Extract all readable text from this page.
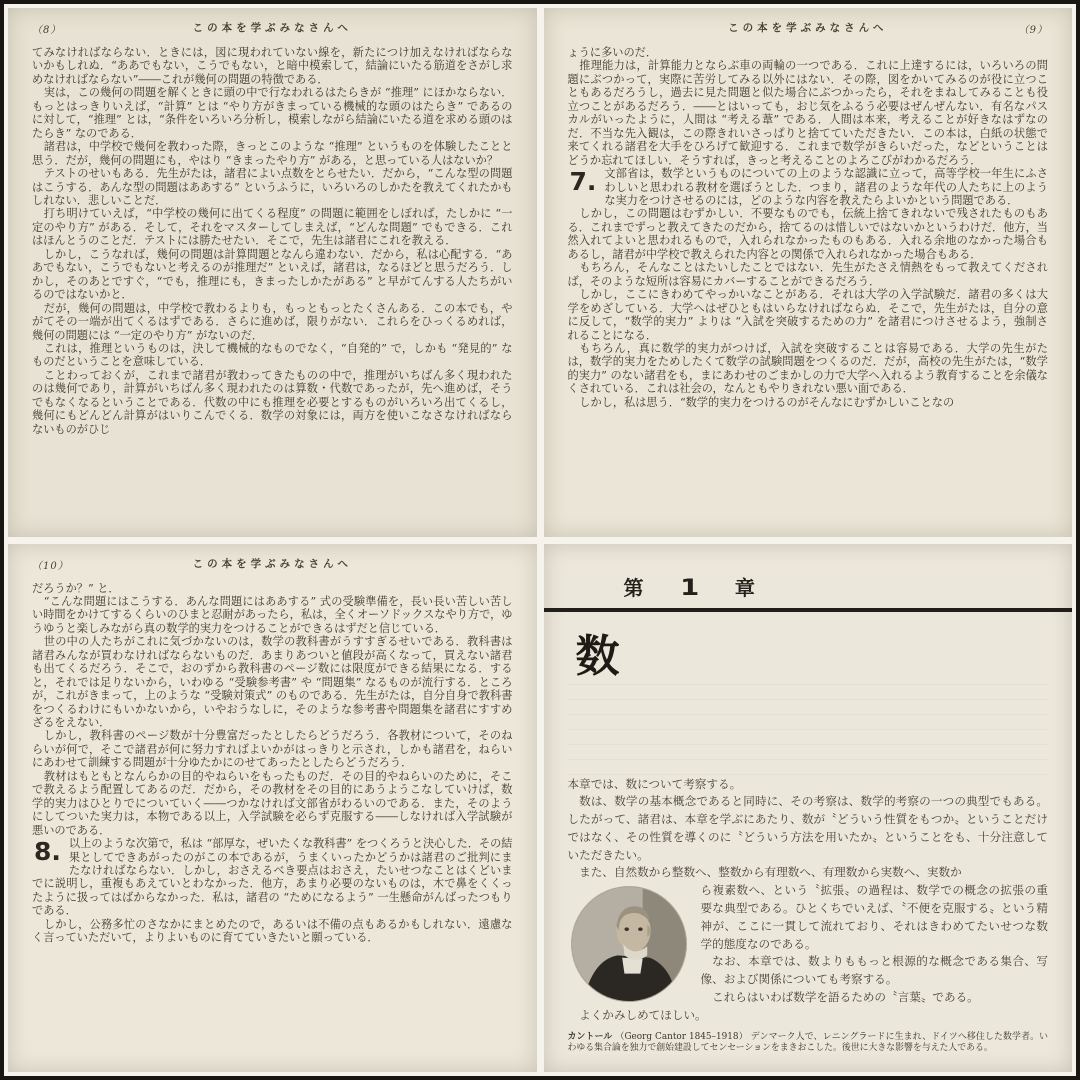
（8）	この本を学ぶみなさんへ

てみなければならない．ときには，図に現われていない線を，新たにつけ加えなければならないかもしれぬ．“ああでもない，こうでもない，と暗中模索して，結論にいたる筋道をさがし求めなければならない”――これが幾何の問題の特徴である．

実は，この幾何の問題を解くときに頭の中で行なわれるはたらきが “推理” にほかならない．もっとはっきりいえば，“計算” とは “やり方がきまっている機械的な頭のはたらき” であるのに対して，“推理” とは，“条件をいろいろ分析し，模索しながら結論にいたる道を求める頭のはたらき” なのである．

諸君は，中学校で幾何を教わった際，きっとこのような “推理” というものを体験したことと思う．だが，幾何の問題にも，やはり “きまったやり方” がある，と思っている人はないか？

テストのせいもある．先生がたは，諸君によい点数をとらせたい．だから，“こんな型の問題はこうする．あんな型の問題はああする” というふうに，いろいろのしかたを教えてくれたかもしれない．悲しいことだ．

打ち明けていえば，“中学校の幾何に出てくる程度” の問題に範囲をしぼれば，たしかに “一定のやり方” がある．そして，それをマスターしてしまえば，“どんな問題” でもできる．これはほんとうのことだ．テストには勝たせたい．そこで，先生は諸君にこれを教える．

しかし，こうなれば，幾何の問題は計算問題となんら違わない．だから，私は心配する．“ああでもない，こうでもないと考えるのが推理だ” といえば，諸君は，なるほどと思うだろう．しかし，そのあとですぐ，“でも，推理にも，きまったしかたがある” と早がてんする人たちがいるのではないかと．

だが，幾何の問題は，中学校で教わるよりも，もっともっとたくさんある．この本でも，やがてその一端が出てくるはずである．さらに進めば，限りがない．これらをひっくるめれば，幾何の問題には “一定のやり方” がないのだ．

これは，推理というものは，決して機械的なものでなく，“自発的” で，しかも “発見的” なものだということを意味している．

ことわっておくが，これまで諸君が教わってきたものの中で，推理がいちばん多く現われたのは幾何であり，計算がいちばん多く現われたのは算数・代数であったが，先へ進めば，そうでもなくなるということである．代数の中にも推理を必要とするものがいろいろ出てくるし，幾何にもどんどん計算がはいりこんでくる．数学の対象には，両方を使いこなさなければならないものがひじ

この本を学ぶみなさんへ	（9）

ょうに多いのだ．

推理能力は，計算能力とならぶ車の両輪の一つである．これに上達するには，いろいろの問題にぶつかって，実際に苦労してみる以外にはない．その際，図をかいてみるのが役に立つこともあるだろうし，過去に見た問題と似た場合にぶつかったら，それをまねしてみることも役立つことがあるだろう．――とはいっても，おじ気をふるう必要はぜんぜんない．有名なパスカルがいったように，人間は “考える葦” である．人間は本来，考えることが好きなはずなのだ．不当な先入観は，この際きれいさっぱりと捨てていただきたい．この本は，白紙の状態で来てくれる諸君を大手をひろげて歓迎する．これまで数学がきらいだった，などということはどうか忘れてほしい．そうすれば，きっと考えることのよろこびがわかるだろう．

7. 文部省は，数学というものについての上のような認識に立って，高等学校一年生にふさわしいと思われる教材を選ぼうとした．つまり，諸君のような年代の人たちに上のような実力をつけさせるのには，どのような内容を教えたらよいかという問題である．

しかし，この問題はむずかしい．不要なものでも，伝統上捨てきれないで残されたものもある．これまでずっと教えてきたのだから，捨てるのは惜しいではないかというわけだ．他方，当然入れてよいと思われるもので，入れられなかったものもある．入れる余地のなかった場合もあるし，諸君が中学校で教えられた内容との関係で入れられなかった場合もある．

もちろん，そんなことはたいしたことではない．先生がたさえ情熱をもって教えてくだされば，そのような短所は容易にカバーすることができるだろう．

しかし，ここにきわめてやっかいなことがある．それは大学の入学試験だ．諸君の多くは大学をめざしている．大学へはぜひともはいらなければならぬ．そこで，先生がたは，自分の意に反して，“数学的実力” よりは “入試を突破するための力” を諸君につけさせるよう，強制されることになる．

もちろん，真に数学的実力がつけば，入試を突破することは容易である．大学の先生がたは，数学的実力をためしたくて数学の試験問題をつくるのだ．だが，高校の先生がたは，“数学的実力” のない諸君をも，まにあわせのごまかしの力で大学へ入れるよう教育することを余儀なくされている．これは社会の，なんともやりきれない悪い面である．

しかし，私は思う．“数学的実力をつけるのがそんなにむずかしいことなの

（10）	この本を学ぶみなさんへ

だろうか？” と．

“こんな問題にはこうする．あんな問題にはああする” 式の受験準備を，長い長い苦しい苦しい時間をかけてするくらいのひまと忍耐があったら，私は，全くオーソドックスなやり方で，ゆうゆうと楽しみながら真の数学的実力をつけることができるはずだと信じている．

世の中の人たちがこれに気づかないのは，数学の教科書がうすすぎるせいである．教科書は諸君みんなが買わなければならないものだ．あまりあついと値段が高くなって，買えない諸君も出てくるだろう．そこで，おのずから教科書のページ数には限度ができる結果になる．すると，それでは足りないから，いわゆる “受験参考書” や “問題集” なるものが流行する．ところが，これがきまって，上のような “受験対策式” のものである．先生がたは，自分自身で教科書をつくるわけにもいかないから，いやおうなしに，そのような参考書や問題集を諸君にすすめざるをえない．

しかし，教科書のページ数が十分豊富だったとしたらどうだろう．各教材について，そのねらいが何で，そこで諸君が何に努力すればよいかがはっきりと示され，しかも諸君を，ねらいにあわせて訓練する問題が十分ゆたかにのせてあったとしたらどうだろう．

教材はもともとなんらかの目的やねらいをもったものだ．その目的やねらいのために，そこで教えるよう配置してあるのだ．だから，その教材をその目的にあうようこなしていけば，数学的実力はひとりでについていく――つかなければ文部省がわるいのである．また，そのようにしてついた実力は，本物である以上，入学試験を必らず克服する――しなければ入学試験が悪いのである．

8. 以上のような次第で，私は “部厚な，ぜいたくな教科書” をつくろうと決心した．その結果としてできあがったのがこの本であるが，うまくいったかどうかは諸君のご批判にまたなければならない．しかし，おさえるべき要点はおさえ，たいせつなことはくどいまでに説明し，重複もあえていとわなかった．他方，あまり必要のないものは，木で鼻をくくったように扱ってはばからなかった．私は，諸君の “ためになるよう” 一生懸命がんばったつもりである．

しかし，公務多忙のさなかにまとめたので，あるいは不備の点もあるかもしれない．遠慮なく言っていただいて，よりよいものに育てていきたいと願っている．

第 1 章
数

本章では、数について考察する。

数は、数学の基本概念であると同時に、その考察は、数学的考察の一つの典型でもある。したがって、諸君は、本章を学ぶにあたり、数が〝どういう性質をもつか〟ということだけではなく、その性質を導くのに〝どういう方法を用いたか〟ということをも、十分注意していただきたい。

また、自然数から整数へ、整数から有理数へ、有理数から実数へ、実数か

ら複素数へ、という〝拡張〟の過程は、数学での概念の拡張の重要な典型である。ひとくちでいえば、〝不便を克服する〟という精神が、ここに一貫して流れており、それはきわめてたいせつな数学的態度なのである。

なお、本章では、数よりももっと根源的な概念である集合、写像、および関係についても考察する。

これらはいわば数学を語るための〝言葉〟である。

よくかみしめてほしい。

カントール （Georg Cantor 1845–1918） デンマーク人で、レニングラードに生まれ、ドイツへ移住した数学者。いわゆる集合論を独力で創始建設してセンセーションをまきおこした。後世に大きな影響を与えた人である。
